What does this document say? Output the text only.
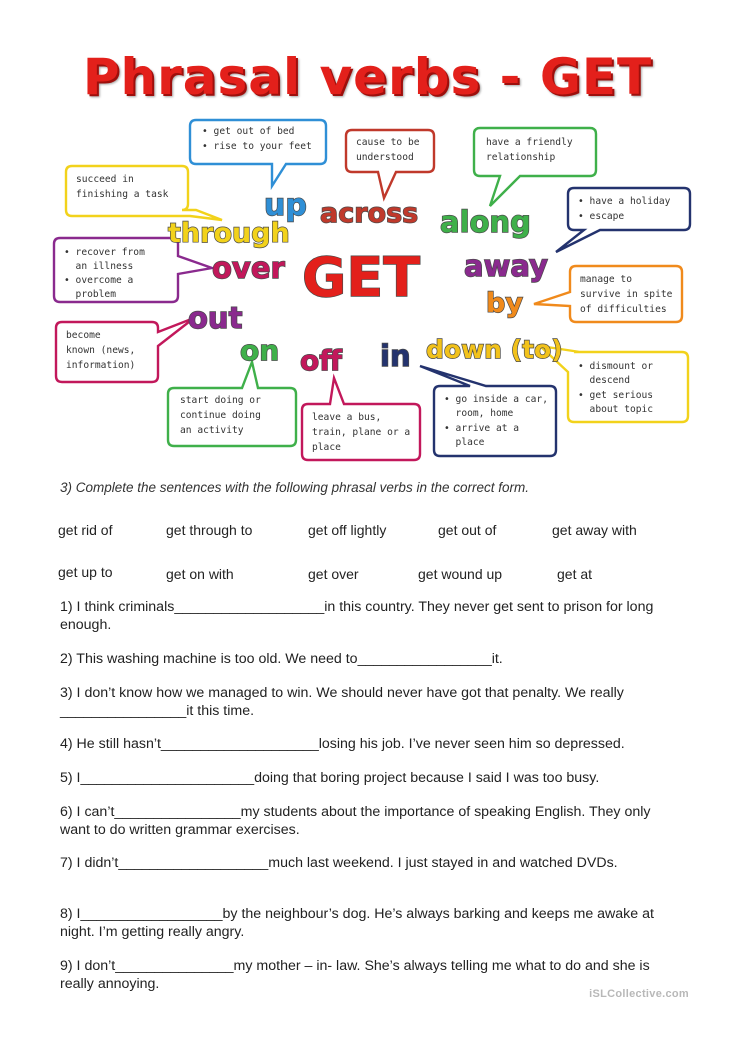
Phrasal verbs - GET
• get out of bed • rise to your feet	cause to be understood
have a friendly relationship
succeed in finishing a task
• have a holiday • escape
• recover from  an illness • overcome a  problem
manage to survive in spite of difficulties
become known (news, information)	• dismount or  descend • get serious  about topic
start doing or continue doing an activity
leave a bus, train, plane or a place
• go inside a car,  room, home • arrive at a  place
up across along
through
over GET away
by
out
on off in down (to)
3) Complete the sentences with the following phrasal verbs in the correct form.
get rid of	get through to	get off lightly	get out of	get away with
get up to	get on with	get over	get wound up	get at
1) I think criminals___________________in this country. They never get sent to prison for long enough.
2) This washing machine is too old. We need to_________________it.
3) I don’t know how we managed to win. We should never have got that penalty. We really ________________it this time.
4) He still hasn’t____________________losing his job. I’ve never seen him so depressed.
5) I______________________doing that boring project because I said I was too busy.
6) I can’t________________my students about the importance of speaking English. They only want to do written grammar exercises.
7) I didn’t___________________much last weekend. I just stayed in and watched DVDs.
8) I__________________by the neighbour’s dog. He’s always barking and keeps me awake at night. I’m getting really angry.
9) I don’t_______________my mother – in- law. She’s always telling me what to do and she is really annoying.
iSLCollective.com
